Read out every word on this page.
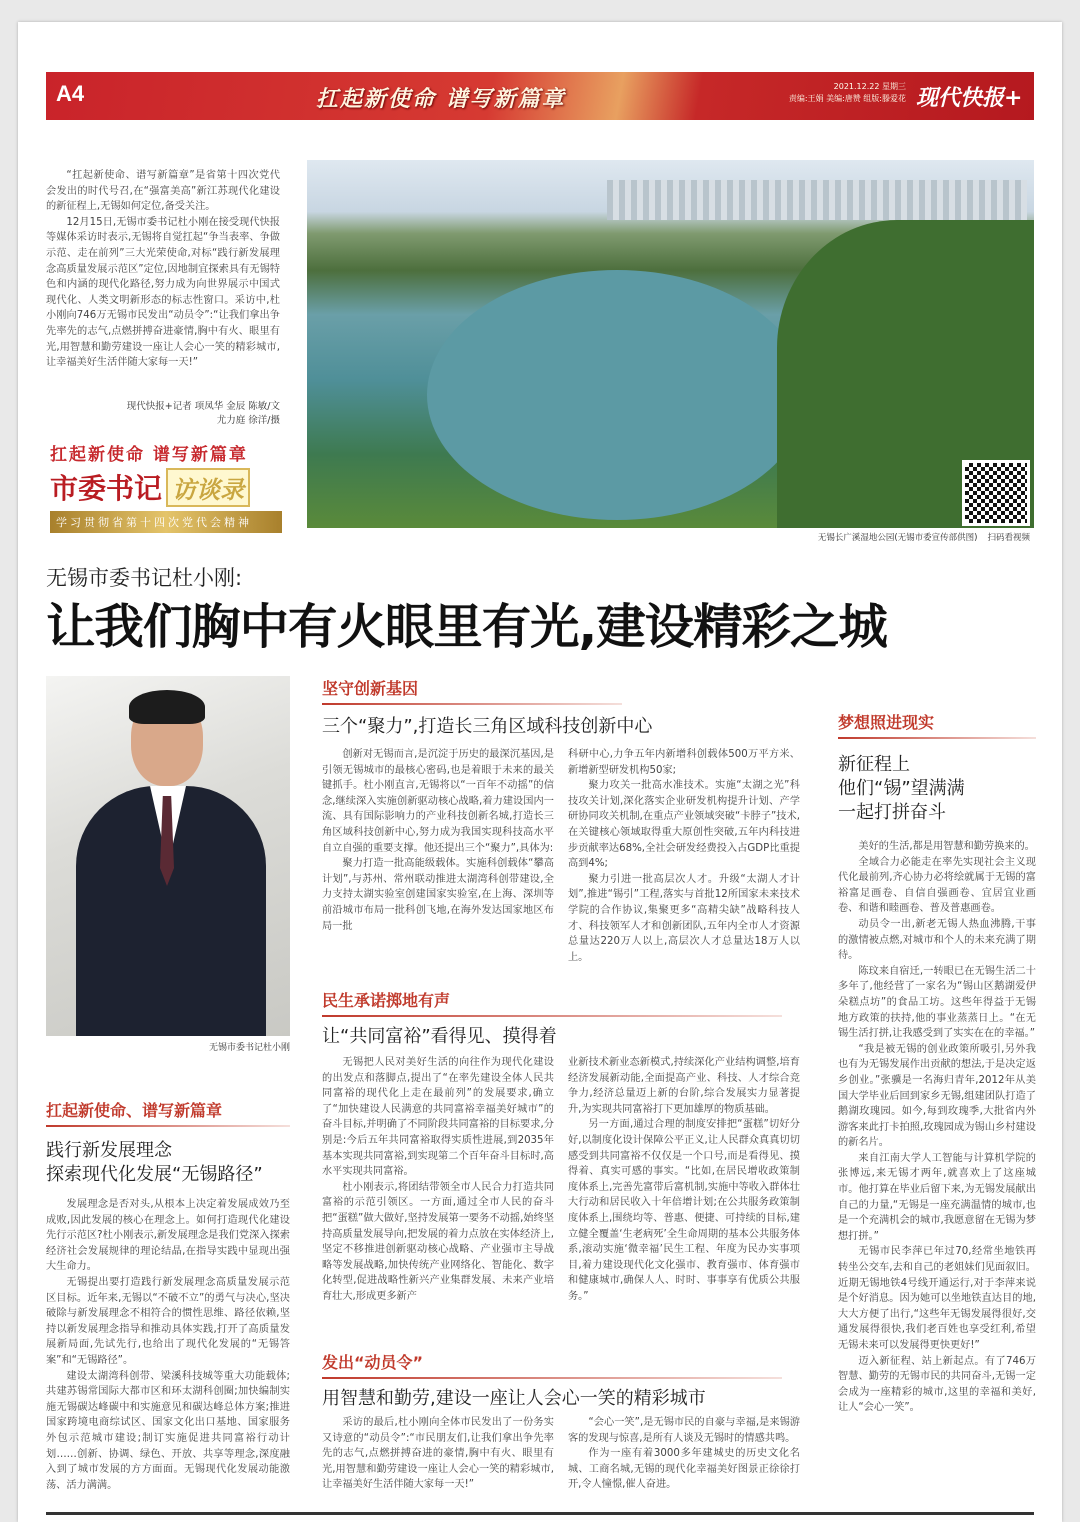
A4	扛起新使命 谱写新篇章	2021.12.22 星期三
责编:王娟 美编:唐赞 组版:滕爱花 现代快报+

“扛起新使命、谱写新篇章”是省第十四次党代会发出的时代号召,在“强富美高”新江苏现代化建设的新征程上,无锡如何定位,备受关注。

12月15日,无锡市委书记杜小刚在接受现代快报等媒体采访时表示,无锡将自觉扛起“争当表率、争做示范、走在前列”三大光荣使命,对标“践行新发展理念高质量发展示范区”定位,因地制宜探索具有无锡特色和内涵的现代化路径,努力成为向世界展示中国式现代化、人类文明新形态的标志性窗口。采访中,杜小刚向746万无锡市民发出“动员令”:“让我们拿出争先率先的志气,点燃拼搏奋进豪情,胸中有火、眼里有光,用智慧和勤劳建设一座让人会心一笑的精彩城市,让幸福美好生活伴随大家每一天!”

现代快报+记者 项凤华 金辰 陈敏/文
尤力庭 徐洋/摄
扛起新使命 谱写新篇章
市委书记 访谈录
学习贯彻省第十四次党代会精神
无锡长广溪湿地公园(无锡市委宣传部供图) 扫码看视频
无锡市委书记杜小刚:
让我们胸中有火眼里有光,建设精彩之城
无锡市委书记杜小刚
坚守创新基因
三个“聚力”,打造长三角区域科技创新中心

创新对无锡而言,是沉淀于历史的最深沉基因,是引领无锡城市的最核心密码,也是着眼于未来的最关键抓手。杜小刚直言,无锡将以“一百年不动摇”的信念,继续深入实施创新驱动核心战略,着力建设国内一流、具有国际影响力的产业科技创新名城,打造长三角区域科技创新中心,努力成为我国实现科技高水平自立自强的重要支撑。他还提出三个“聚力”,具体为:

聚力打造一批高能级载体。实施科创载体“攀高计划”,与苏州、常州联动推进太湖湾科创带建设,全力支持太湖实验室创建国家实验室,在上海、深圳等前沿城市布局一批科创飞地,在海外发达国家地区布局一批

科研中心,力争五年内新增科创载体500万平方米、新增新型研发机构50家;

聚力攻关一批高水准技术。实施“太湖之光”科技攻关计划,深化落实企业研发机构提升计划、产学研协同攻关机制,在重点产业领域突破“卡脖子”技术,在关键核心领域取得重大原创性突破,五年内科技进步贡献率达68%,全社会研发经费投入占GDP比重提高到4%;

聚力引进一批高层次人才。升级“太湖人才计划”,推进“锡引”工程,落实与首批12所国家未来技术学院的合作协议,集聚更多“高精尖缺”战略科技人才、科技领军人才和创新团队,五年内全市人才资源总量达220万人以上,高层次人才总量达18万人以上。

民生承诺掷地有声
让“共同富裕”看得见、摸得着

无锡把人民对美好生活的向往作为现代化建设的出发点和落脚点,提出了“在率先建设全体人民共同富裕的现代化上走在最前列”的发展要求,确立了“加快建设人民满意的共同富裕幸福美好城市”的奋斗目标,并明确了不同阶段共同富裕的目标要求,分别是:今后五年共同富裕取得实质性进展,到2035年基本实现共同富裕,到实现第二个百年奋斗目标时,高水平实现共同富裕。

杜小刚表示,将团结带领全市人民合力打造共同富裕的示范引领区。一方面,通过全市人民的奋斗把“蛋糕”做大做好,坚持发展第一要务不动摇,始终坚持高质量发展导向,把发展的着力点放在实体经济上,坚定不移推进创新驱动核心战略、产业强市主导战略等发展战略,加快传统产业网络化、智能化、数字化转型,促进战略性新兴产业集群发展、未来产业培育壮大,形成更多新产

业新技术新业态新模式,持续深化产业结构调整,培育经济发展新动能,全面提高产业、科技、人才综合竞争力,经济总量迈上新的台阶,综合发展实力显著提升,为实现共同富裕打下更加雄厚的物质基础。

另一方面,通过合理的制度安排把“蛋糕”切好分好,以制度化设计保障公平正义,让人民群众真真切切感受到共同富裕不仅仅是一个口号,而是看得见、摸得着、真实可感的事实。“比如,在居民增收政策制度体系上,完善先富带后富机制,实施中等收入群体壮大行动和居民收入十年倍增计划;在公共服务政策制度体系上,围绕均等、普惠、便捷、可持续的目标,建立健全覆盖‘生老病死’全生命周期的基本公共服务体系,滚动实施‘微幸福’民生工程、年度为民办实事项目,着力建设现代化文化强市、教育强市、体育强市和健康城市,确保人人、时时、事事享有优质公共服务。”

发出“动员令”
用智慧和勤劳,建设一座让人会心一笑的精彩城市

采访的最后,杜小刚向全体市民发出了一份务实又诗意的“动员令”:“市民朋友们,让我们拿出争先率先的志气,点燃拼搏奋进的豪情,胸中有火、眼里有光,用智慧和勤劳建设一座让人会心一笑的精彩城市,让幸福美好生活伴随大家每一天!”

“会心一笑”,是无锡市民的自豪与幸福,是来锡游客的发现与惊喜,是所有人谈及无锡时的情感共鸣。

作为一座有着3000多年建城史的历史文化名城、工商名城,无锡的现代化幸福美好图景正徐徐打开,令人憧憬,催人奋进。

扛起新使命、谱写新篇章
践行新发展理念
探索现代化发展“无锡路径”

发展理念是否对头,从根本上决定着发展成效乃至成败,因此发展的核心在理念上。如何打造现代化建设先行示范区?杜小刚表示,新发展理念是我们党深入探索经济社会发展规律的理论结晶,在指导实践中显现出强大生命力。

无锡提出要打造践行新发展理念高质量发展示范区目标。近年来,无锡以“不破不立”的勇气与决心,坚决破除与新发展理念不相符合的惯性思维、路径依赖,坚持以新发展理念指导和推动具体实践,打开了高质量发展新局面,先试先行,也给出了现代化发展的“无锡答案”和“无锡路径”。

建设太湖湾科创带、梁溪科技城等重大功能载体;共建苏锡常国际大都市区和环太湖科创圈;加快编制实施无锡碳达峰碳中和实施意见和碳达峰总体方案;推进国家跨境电商综试区、国家文化出口基地、国家服务外包示范城市建设;制订实施促进共同富裕行动计划……创新、协调、绿色、开放、共享等理念,深度融入到了城市发展的方方面面。无锡现代化发展动能激荡、活力满满。

梦想照进现实
新征程上
他们“锡”望满满
一起打拼奋斗

美好的生活,都是用智慧和勤劳换来的。

全域合力必能走在率先实现社会主义现代化最前列,齐心协力必将绘就属于无锡的富裕富足画卷、自信自强画卷、宜居宜业画卷、和谐和睦画卷、普及普惠画卷。

动员令一出,新老无锡人热血沸腾,干事的激情被点燃,对城市和个人的未来充满了期待。

陈玟来自宿迁,一转眼已在无锡生活二十多年了,他经营了一家名为“锡山区鹅湖爱伊朵糕点坊”的食品工坊。这些年得益于无锡地方政策的扶持,他的事业蒸蒸日上。“在无锡生活打拼,让我感受到了实实在在的幸福。”

“我是被无锡的创业政策所吸引,另外我也有为无锡发展作出贡献的想法,于是决定返乡创业。”张骥是一名海归青年,2012年从美国大学毕业后回到家乡无锡,组建团队打造了鹅湖玫瑰园。如今,每到玫瑰季,大批省内外游客来此打卡拍照,玫瑰园成为锡山乡村建设的新名片。

来自江南大学人工智能与计算机学院的张博远,来无锡才两年,就喜欢上了这座城市。他打算在毕业后留下来,为无锡发展献出自己的力量,“无锡是一座充满温情的城市,也是一个充满机会的城市,我愿意留在无锡为梦想打拼。”

无锡市民李萍已年过70,经常坐地铁再转坐公交车,去和自己的老姐妹们见面叙旧。近期无锡地铁4号线开通运行,对于李萍来说是个好消息。因为她可以坐地铁直达目的地,大大方便了出行,“这些年无锡发展得很好,交通发展得很快,我们老百姓也享受红利,希望无锡未来可以发展得更快更好!”

迈入新征程、站上新起点。有了746万智慧、勤劳的无锡市民的共同奋斗,无锡一定会成为一座精彩的城市,这里的幸福和美好,让人“会心一笑”。
